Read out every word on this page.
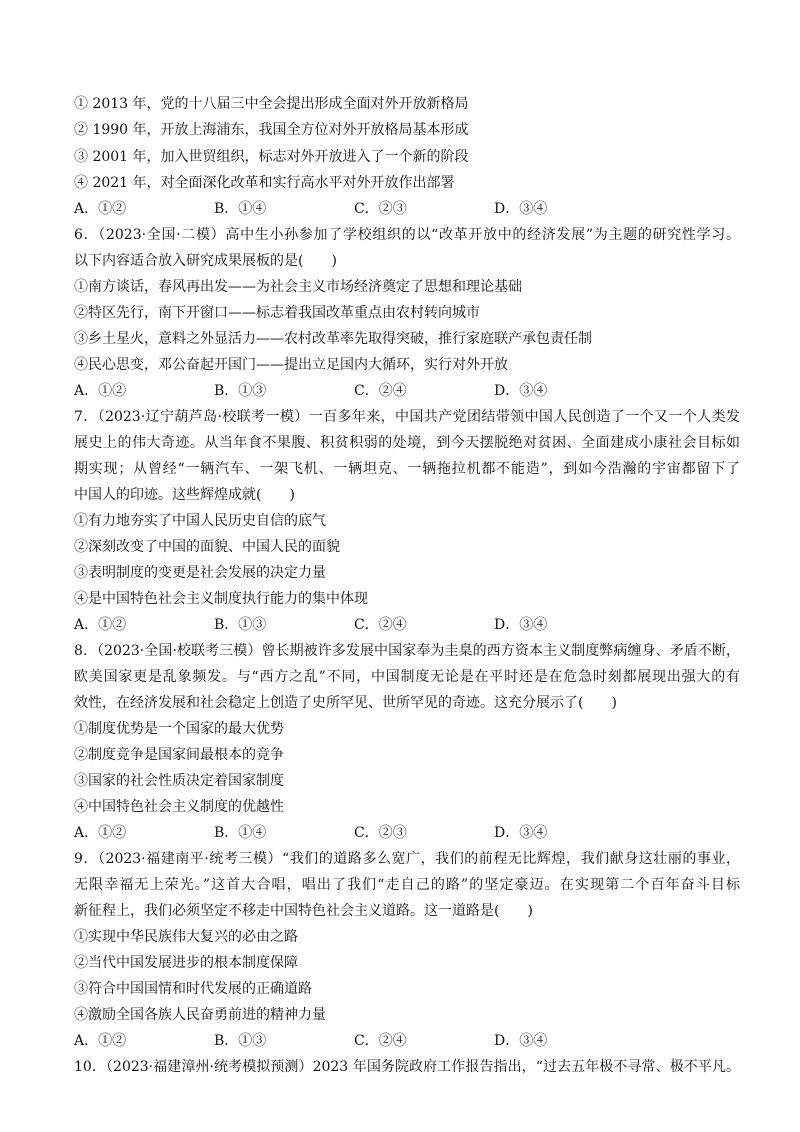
① 2013 年，党的十八届三中全会提出形成全面对外开放新格局
② 1990 年，开放上海浦东，我国全方位对外开放格局基本形成
③ 2001 年，加入世贸组织，标志对外开放进入了一个新的阶段
④ 2021 年，对全面深化改革和实行高水平对外开放作出部署
A．①②	B．①④	C．②③	D．③④
6．（2023·全国·二模）高中生小孙参加了学校组织的以“改革开放中的经济发展”为主题的研究性学习。
以下内容适合放入研究成果展板的是(　　)
①南方谈话，春风再出发——为社会主义市场经济奠定了思想和理论基础
②特区先行，南下开窗口——标志着我国改革重点由农村转向城市
③乡土星火，意料之外显活力——农村改革率先取得突破，推行家庭联产承包责任制
④民心思变，邓公奋起开国门——提出立足国内大循环，实行对外开放
A．①②	B．①③	C．②④	D．③④
7．（2023·辽宁葫芦岛·校联考一模）一百多年来，中国共产党团结带领中国人民创造了一个又一个人类发
展史上的伟大奇迹。从当年食不果腹、积贫积弱的处境，到今天摆脱绝对贫困、全面建成小康社会目标如
期实现；从曾经“一辆汽车、一架飞机、一辆坦克、一辆拖拉机都不能造”，到如今浩瀚的宇宙都留下了
中国人的印迹。这些辉煌成就(　　)
①有力地夯实了中国人民历史自信的底气
②深刻改变了中国的面貌、中国人民的面貌
③表明制度的变更是社会发展的决定力量
④是中国特色社会主义制度执行能力的集中体现
A．①②	B．①③	C．②④	D．③④
8．（2023·全国·校联考三模）曾长期被许多发展中国家奉为圭臬的西方资本主义制度弊病缠身、矛盾不断，
欧美国家更是乱象频发。与“西方之乱”不同，中国制度无论是在平时还是在危急时刻都展现出强大的有
效性，在经济发展和社会稳定上创造了史所罕见、世所罕见的奇迹。这充分展示了(　　)
①制度优势是一个国家的最大优势
②制度竞争是国家间最根本的竞争
③国家的社会性质决定着国家制度
④中国特色社会主义制度的优越性
A．①②	B．①④	C．②③	D．③④
9．（2023·福建南平·统考三模）“我们的道路多么宽广，我们的前程无比辉煌，我们献身这壮丽的事业，
无限幸福无上荣光。”这首大合唱，唱出了我们“走自己的路”的坚定豪迈。在实现第二个百年奋斗目标
新征程上，我们必须坚定不移走中国特色社会主义道路。这一道路是(　　)
①实现中华民族伟大复兴的必由之路
②当代中国发展进步的根本制度保障
③符合中国国情和时代发展的正确道路
④激励全国各族人民奋勇前进的精神力量
A．①②	B．①③	C．②④	D．③④
10．（2023·福建漳州·统考模拟预测）2023 年国务院政府工作报告指出，“过去五年极不寻常、极不平凡。
